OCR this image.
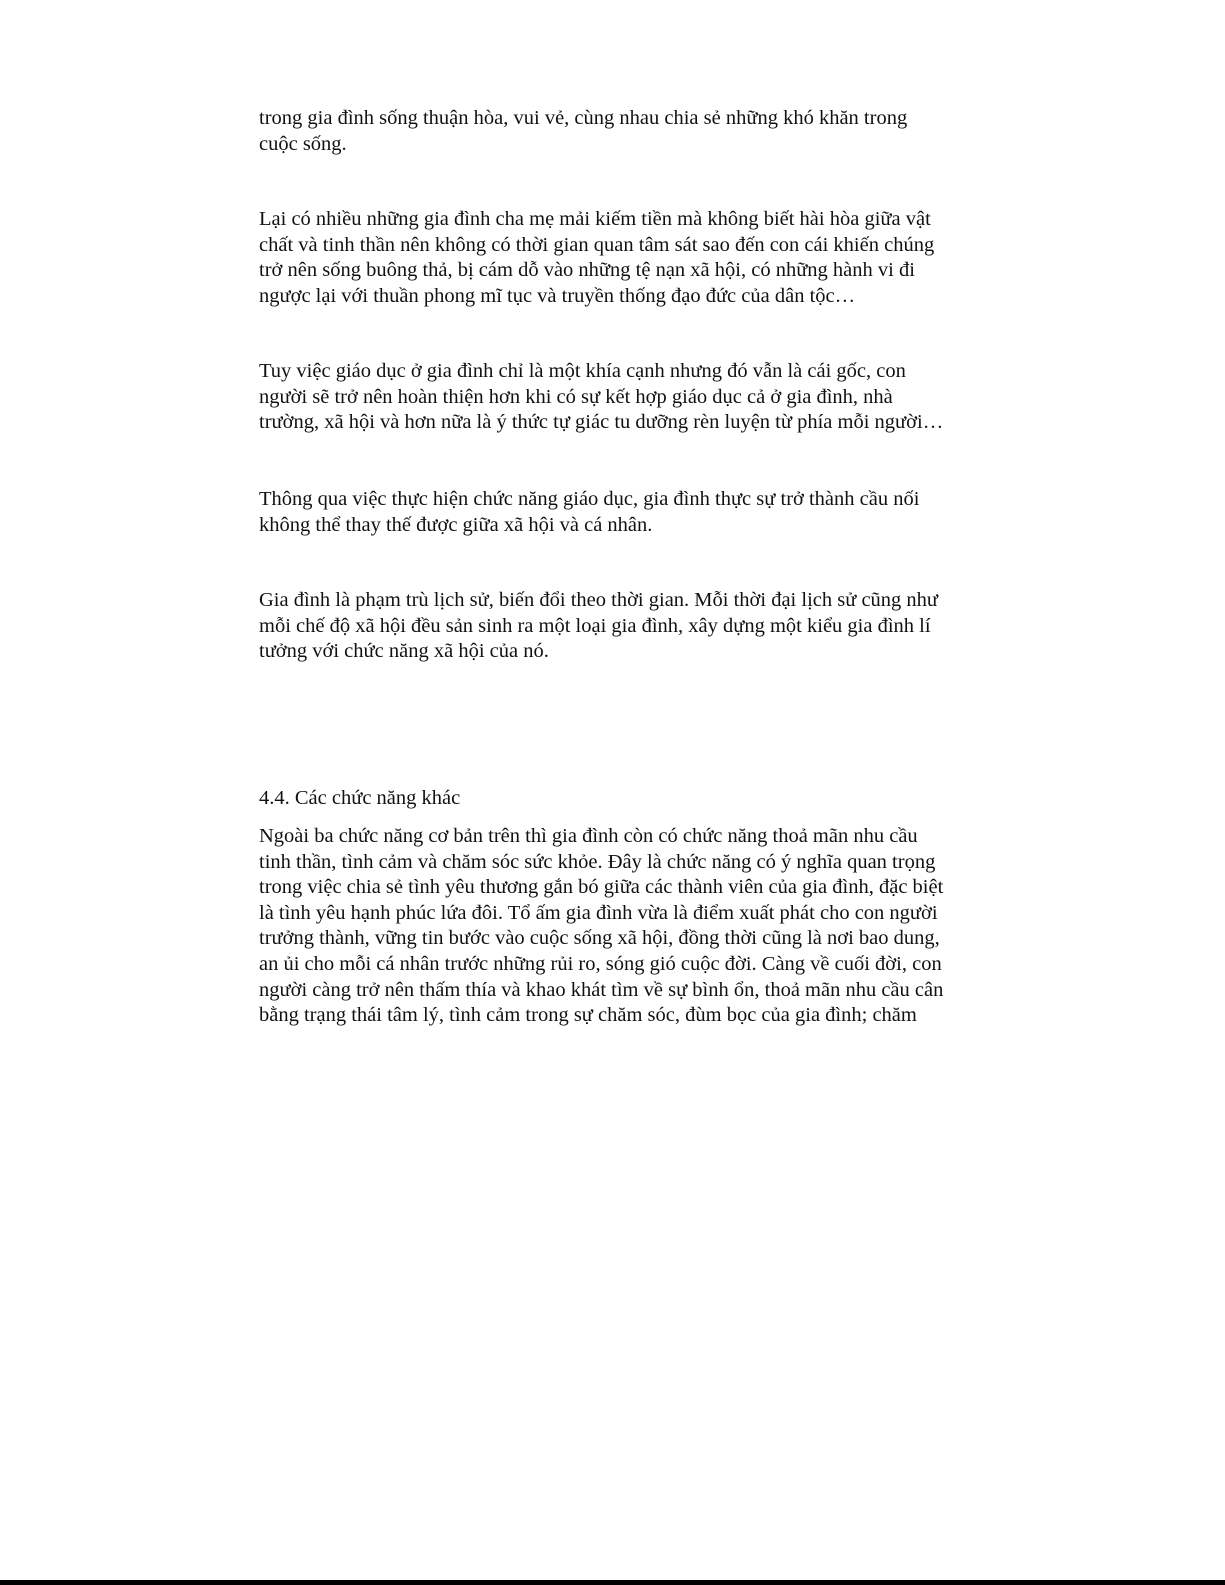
trong gia đình sống thuận hòa, vui vẻ, cùng nhau chia sẻ những khó khăn trong
cuộc sống.

Lại có nhiều những gia đình cha mẹ mải kiếm tiền mà không biết hài hòa giữa vật
chất và tinh thần nên không có thời gian quan tâm sát sao đến con cái khiến chúng
trở nên sống buông thả, bị cám dỗ vào những tệ nạn xã hội, có những hành vi đi
ngược lại với thuần phong mĩ tục và truyền thống đạo đức của dân tộc…

Tuy việc giáo dục ở gia đình chỉ là một khía cạnh nhưng đó vẫn là cái gốc, con
người sẽ trở nên hoàn thiện hơn khi có sự kết hợp giáo dục cả ở gia đình, nhà
trường, xã hội và hơn nữa là ý thức tự giác tu dưỡng rèn luyện từ phía mỗi người…

Thông qua việc thực hiện chức năng giáo dục, gia đình thực sự trở thành cầu nối
không thể thay thế được giữa xã hội và cá nhân.

Gia đình là phạm trù lịch sử, biến đổi theo thời gian. Mỗi thời đại lịch sử cũng như
mỗi chế độ xã hội đều sản sinh ra một loại gia đình, xây dựng một kiểu gia đình lí
tưởng với chức năng xã hội của nó.

4.4. Các chức năng khác

Ngoài ba chức năng cơ bản trên thì gia đình còn có chức năng thoả mãn nhu cầu
tinh thần, tình cảm và chăm sóc sức khỏe. Đây là chức năng có ý nghĩa quan trọng
trong việc chia sẻ tình yêu thương gắn bó giữa các thành viên của gia đình, đặc biệt
là tình yêu hạnh phúc lứa đôi. Tổ ấm gia đình vừa là điểm xuất phát cho con người
trưởng thành, vững tin bước vào cuộc sống xã hội, đồng thời cũng là nơi bao dung,
an ủi cho mỗi cá nhân trước những rủi ro, sóng gió cuộc đời. Càng về cuối đời, con
người càng trở nên thấm thía và khao khát tìm về sự bình ổn, thoả mãn nhu cầu cân
bằng trạng thái tâm lý, tình cảm trong sự chăm sóc, đùm bọc của gia đình; chăm
